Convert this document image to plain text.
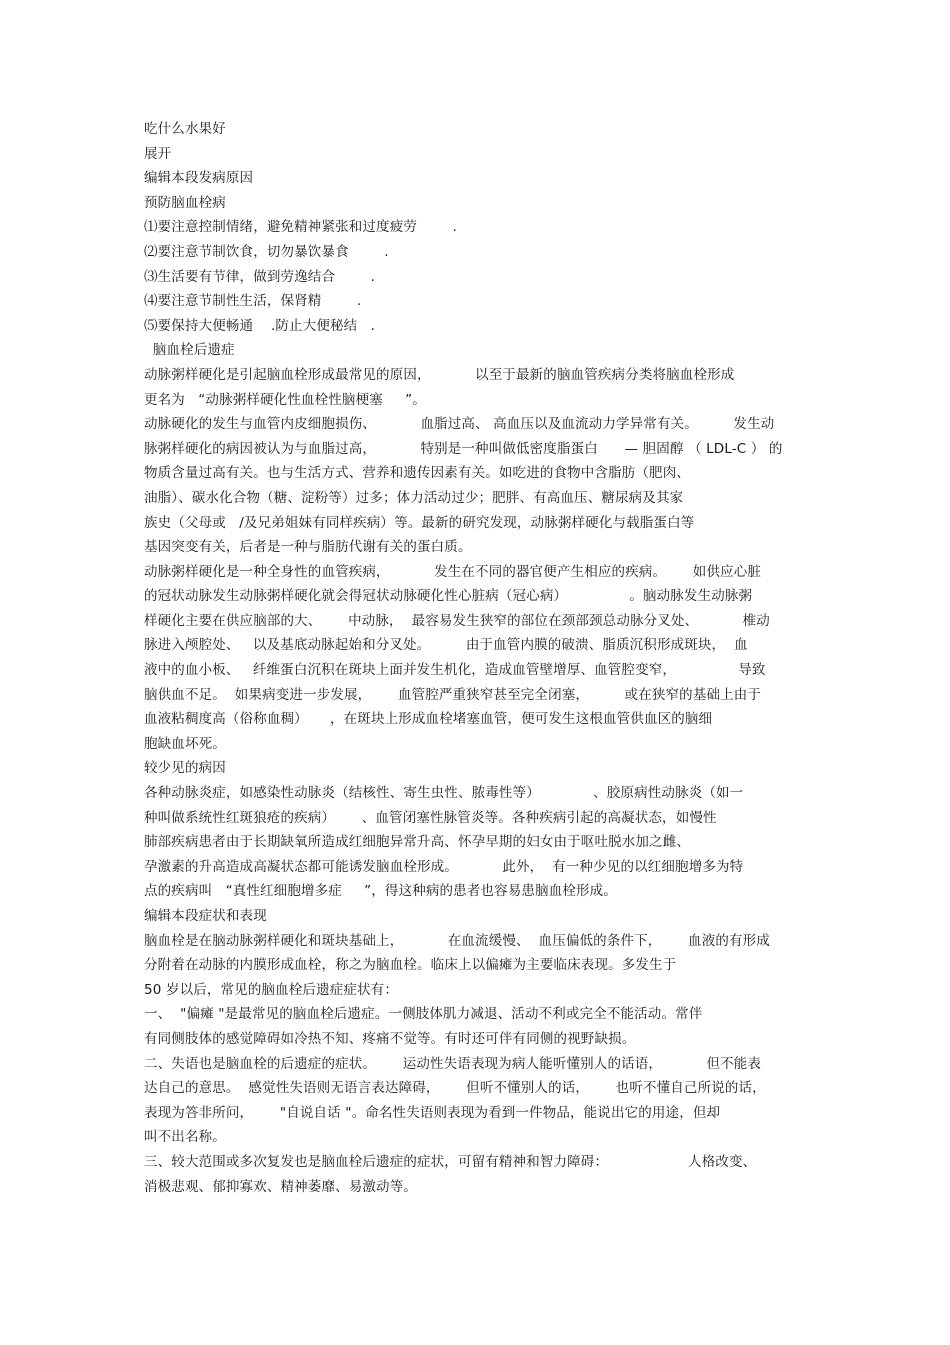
吃什么水果好
展开
编辑本段发病原因
预防脑血栓病
⑴要注意控制情绪，避免精神紧张和过度疲劳        .
⑵要注意节制饮食，切勿暴饮暴食        .
⑶生活要有节律，做到劳逸结合        .
⑷要注意节制性生活，保肾精        .
⑸要保持大便畅通    .防止大便秘结   .
脑血栓后遗症
动脉粥样硬化是引起脑血栓形成最常见的原因，          以至于最新的脑血管疾病分类将脑血栓形成
更名为   “动脉粥样硬化性血栓性脑梗塞     ”。
动脉硬化的发生与血管内皮细胞损伤、          血脂过高、 高血压以及血流动力学异常有关。        发生动
脉粥样硬化的病因被认为与血脂过高，          特别是一种叫做低密度脂蛋白      — 胆固醇 （ LDL-C ） 的
物质含量过高有关。也与生活方式、营养和遗传因素有关。如吃进的食物中含脂肪（肥肉、
油脂）、碳水化合物（糖、淀粉等）过多；体力活动过少；肥胖、有高血压、糖尿病及其家
族史（父母或   /及兄弟姐妹有同样疾病）等。最新的研究发现，动脉粥样硬化与载脂蛋白等
基因突变有关，后者是一种与脂肪代谢有关的蛋白质。
动脉粥样硬化是一种全身性的血管疾病，          发生在不同的器官便产生相应的疾病。      如供应心脏
的冠状动脉发生动脉粥样硬化就会得冠状动脉硬化性心脏病（冠心病）              。脑动脉发生动脉粥
样硬化主要在供应脑部的大、      中动脉，  最容易发生狭窄的部位在颈部颈总动脉分叉处、          椎动
脉进入颅腔处、   以及基底动脉起始和分叉处。        由于血管内膜的破溃、脂质沉积形成斑块，  血
液中的血小板、   纤维蛋白沉积在斑块上面并发生机化，造成血管壁增厚、血管腔变窄，              导致
脑供血不足。  如果病变进一步发展，      血管腔严重狭窄甚至完全闭塞，        或在狭窄的基础上由于
血液粘稠度高（俗称血稠）     ，在斑块上形成血栓堵塞血管，便可发生这根血管供血区的脑细
胞缺血坏死。
较少见的病因
各种动脉炎症，如感染性动脉炎（结核性、寄生虫性、脓毒性等）            、胶原病性动脉炎（如一
种叫做系统性红斑狼疮的疾病）      、血管闭塞性脉管炎等。各种疾病引起的高凝状态，如慢性
肺部疾病患者由于长期缺氧所造成红细胞异常升高、怀孕早期的妇女由于呕吐脱水加之雌、
孕激素的升高造成高凝状态都可能诱发脑血栓形成。          此外，  有一种少见的以红细胞增多为特
点的疾病叫   “真性红细胞增多症     ”，得这种病的患者也容易患脑血栓形成。
编辑本段症状和表现
脑血栓是在脑动脉粥样硬化和斑块基础上，          在血流缓慢、  血压偏低的条件下，      血液的有形成
分附着在动脉的内膜形成血栓，称之为脑血栓。临床上以偏瘫为主要临床表现。多发生于
50 岁以后，常见的脑血栓后遗症症状有：
一、  "偏瘫 "是最常见的脑血栓后遗症。一侧肢体肌力减退、活动不利或完全不能活动。常伴
有同侧肢体的感觉障碍如冷热不知、疼痛不觉等。有时还可伴有同侧的视野缺损。
二、失语也是脑血栓的后遗症的症状。      运动性失语表现为病人能听懂别人的话语，          但不能表
达自己的意思。  感觉性失语则无语言表达障碍，      但听不懂别人的话，      也听不懂自己所说的话，
表现为答非所问，      "自说自话 "。命名性失语则表现为看到一件物品，能说出它的用途，但却
叫不出名称。
三、较大范围或多次复发也是脑血栓后遗症的症状，可留有精神和智力障碍：                  人格改变、
消极悲观、郁抑寡欢、精神萎靡、易激动等。
